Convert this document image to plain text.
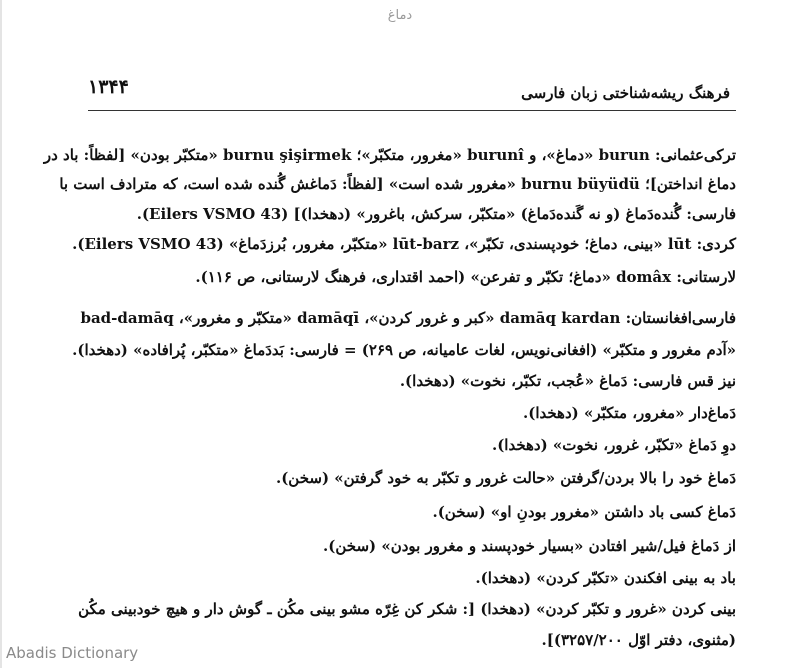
دماغ
۱۳۴۴	فرهنگ ریشه‌شناختی زبان فارسی
ترکی‌عثمانی: burun «دماغ»، و burunî «مغرور، متکبّر»؛ burnu şişirmek «متکبّر بودن» [لفظاً: باد در
دماغ انداختن]؛ burnu büyüdü «مغرور شده است» [لفظاً: دَماغش گُنده شده است، که مترادف است با
فارسی: گُنده‌دَماغ (و نه گَنده‌دَماغ) «متکبّر، سرکش، باغرور» (دهخدا)] (Eilers VSMO 43).
کردی: lūt «بینی، دماغ؛ خودپسندی، تکبّر»، lūt-barz «متکبّر، مغرور، بُرزدَماغ» (Eilers VSMO 43).
لارستانی: domâx «دماغ؛ تکبّر و تفرعن» (احمد اقتداری، فرهنگ لارستانی، ص ۱۱۶).
فارسی‌افغانستان: damāq kardan «کبر و غرور کردن»، damāqī «متکبّر و مغرور»، bad-damāq
«آدم مغرور و متکبّر» (افغانی‌نویس، لغات عامیانه، ص ۲۶۹) = فارسی: بَددَماغ «متکبّر، پُرافاده» (دهخدا).
نیز قس فارسی: دَماغ «عُجب، تکبّر، نخوت» (دهخدا).
دَماغ‌دار «مغرور، متکبّر» (دهخدا).
دوِ دَماغ «تکبّر، غرور، نخوت» (دهخدا).
دَماغ خود را بالا بردن/گرفتن «حالت غرور و تکبّر به خود گرفتن» (سخن).
دَماغ کسی باد داشتن «مغرور بودنِ او» (سخن).
از دَماغ فیل/شیر افتادن «بسیار خودپسند و مغرور بودن» (سخن).
باد به بینی افکندن «تکبّر کردن» (دهخدا).
بینی کردن «غرور و تکبّر کردن» (دهخدا) [: شکر کن غِرّه مشو بینی مکُن ـ گوش دار و هیچ خودبینی مکُن
(مثنوی، دفتر اوّل ۳۲۵۷/۲۰۰)].
Abadis Dictionary
